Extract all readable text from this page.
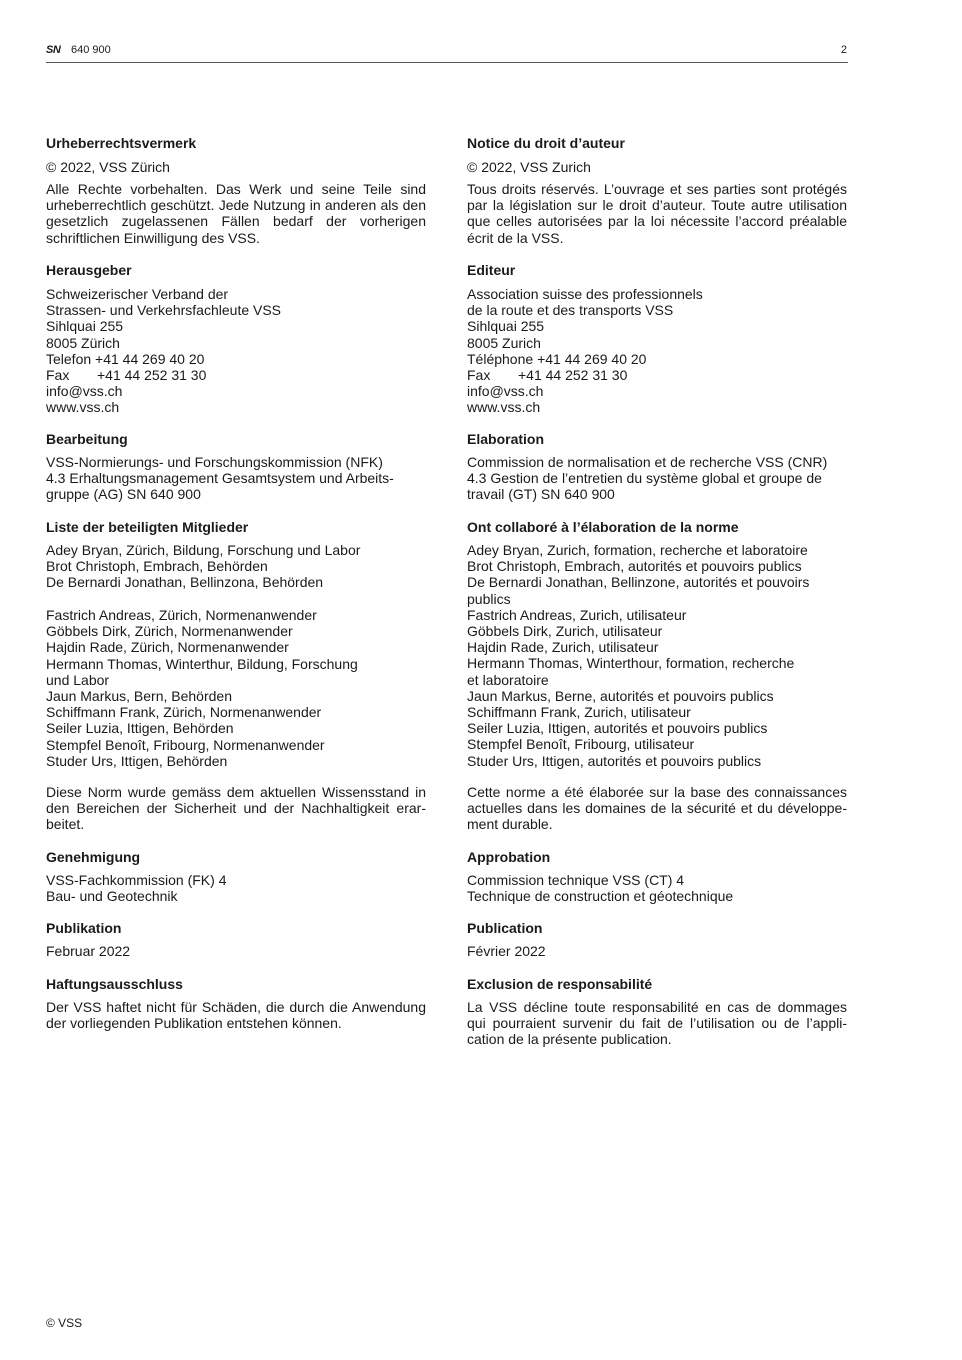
SN 640 900	2
Urheberrechtsvermerk
© 2022, VSS Zürich
Alle Rechte vorbehalten. Das Werk und seine Teile sind urheberrechtlich geschützt. Jede Nutzung in anderen als den gesetzlich zugelassenen Fällen bedarf der vorherigen schriftlichen Einwilligung des VSS.
Herausgeber
Schweizerischer Verband der
Strassen- und Verkehrsfachleute VSS
Sihlquai 255
8005 Zürich
Telefon +41 44 269 40 20
Fax +41 44 252 31 30
info@vss.ch
www.vss.ch
Bearbeitung
VSS-Normierungs- und Forschungskommission (NFK)
4.3 Erhaltungsmanagement Gesamtsystem und Arbeits-
gruppe (AG) SN 640 900
Liste der beteiligten Mitglieder
Adey Bryan, Zürich, Bildung, Forschung und Labor
Brot Christoph, Embrach, Behörden
De Bernardi Jonathan, Bellinzona, Behörden
Fastrich Andreas, Zürich, Normenanwender
Göbbels Dirk, Zürich, Normenanwender
Hajdin Rade, Zürich, Normenanwender
Hermann Thomas, Winterthur, Bildung, Forschung
und Labor
Jaun Markus, Bern, Behörden
Schiffmann Frank, Zürich, Normenanwender
Seiler Luzia, Ittigen, Behörden
Stempfel Benoît, Fribourg, Normenanwender
Studer Urs, Ittigen, Behörden
Diese Norm wurde gemäss dem aktuellen Wissensstand in den Bereichen der Sicherheit und der Nachhaltigkeit erarbeitet.
Genehmigung
VSS-Fachkommission (FK) 4
Bau- und Geotechnik
Publikation
Februar 2022
Haftungsausschluss
Der VSS haftet nicht für Schäden, die durch die Anwendung der vorliegenden Publikation entstehen können.
Notice du droit d’auteur
© 2022, VSS Zurich
Tous droits réservés. L’ouvrage et ses parties sont protégés par la législation sur le droit d’auteur. Toute autre utilisation que celles autorisées par la loi nécessite l’accord préalable écrit de la VSS.
Editeur
Association suisse des professionnels
de la route et des transports VSS
Sihlquai 255
8005 Zurich
Téléphone +41 44 269 40 20
Fax +41 44 252 31 30
info@vss.ch
www.vss.ch
Elaboration
Commission de normalisation et de recherche VSS (CNR)
4.3 Gestion de l’entretien du système global et groupe de
travail (GT) SN 640 900
Ont collaboré à l’élaboration de la norme
Adey Bryan, Zurich, formation, recherche et laboratoire
Brot Christoph, Embrach, autorités et pouvoirs publics
De Bernardi Jonathan, Bellinzone, autorités et pouvoirs
publics
Fastrich Andreas, Zurich, utilisateur
Göbbels Dirk, Zurich, utilisateur
Hajdin Rade, Zurich, utilisateur
Hermann Thomas, Winterthour, formation, recherche
et laboratoire
Jaun Markus, Berne, autorités et pouvoirs publics
Schiffmann Frank, Zurich, utilisateur
Seiler Luzia, Ittigen, autorités et pouvoirs publics
Stempfel Benoît, Fribourg, utilisateur
Studer Urs, Ittigen, autorités et pouvoirs publics
Cette norme a été élaborée sur la base des connaissances actuelles dans les domaines de la sécurité et du développement durable.
Approbation
Commission technique VSS (CT) 4
Technique de construction et géotechnique
Publication
Février 2022
Exclusion de responsabilité
La VSS décline toute responsabilité en cas de dommages qui pourraient survenir du fait de l’utilisation ou de l’application de la présente publication.
© VSS
